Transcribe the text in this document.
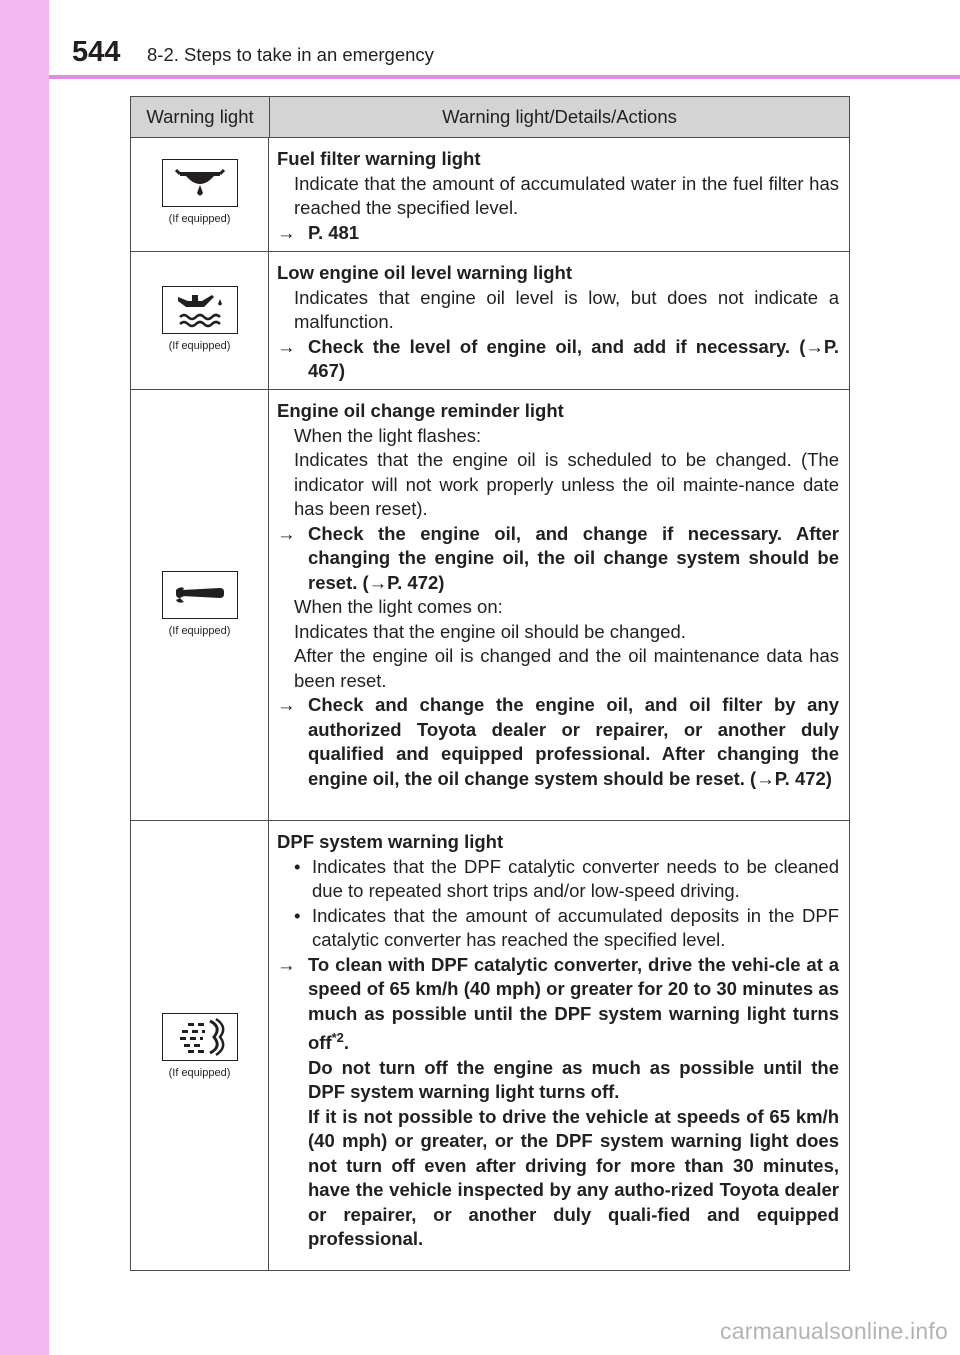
544 8-2. Steps to take in an emergency
Warning light	Warning light/Details/Actions
(If equipped)
Fuel filter warning light
Indicate that the amount of accumulated water in the fuel filter has reached the specified level.
→ P. 481
(If equipped)
Low engine oil level warning light
Indicates that engine oil level is low, but does not indicate a malfunction.
→ Check the level of engine oil, and add if necessary. (→P. 467)
(If equipped)
Engine oil change reminder light
When the light flashes:
Indicates that the engine oil is scheduled to be changed. (The indicator will not work properly unless the oil mainte-nance date has been reset).
→ Check the engine oil, and change if necessary. After changing the engine oil, the oil change system should be reset. (→P. 472)
When the light comes on:
Indicates that the engine oil should be changed.
After the engine oil is changed and the oil maintenance data has been reset.
→ Check and change the engine oil, and oil filter by any authorized Toyota dealer or repairer, or another duly qualified and equipped professional. After changing the engine oil, the oil change system should be reset. (→P. 472)
(If equipped)
DPF system warning light
• Indicates that the DPF catalytic converter needs to be cleaned due to repeated short trips and/or low-speed driving.
• Indicates that the amount of accumulated deposits in the DPF catalytic converter has reached the specified level.
→ To clean with DPF catalytic converter, drive the vehi-cle at a speed of 65 km/h (40 mph) or greater for 20 to 30 minutes as much as possible until the DPF system warning light turns off$^{*2}$.
Do not turn off the engine as much as possible until the DPF system warning light turns off.
If it is not possible to drive the vehicle at speeds of 65 km/h (40 mph) or greater, or the DPF system warning light does not turn off even after driving for more than 30 minutes, have the vehicle inspected by any autho-rized Toyota dealer or repairer, or another duly quali-fied and equipped professional.
carmanualsonline.info
